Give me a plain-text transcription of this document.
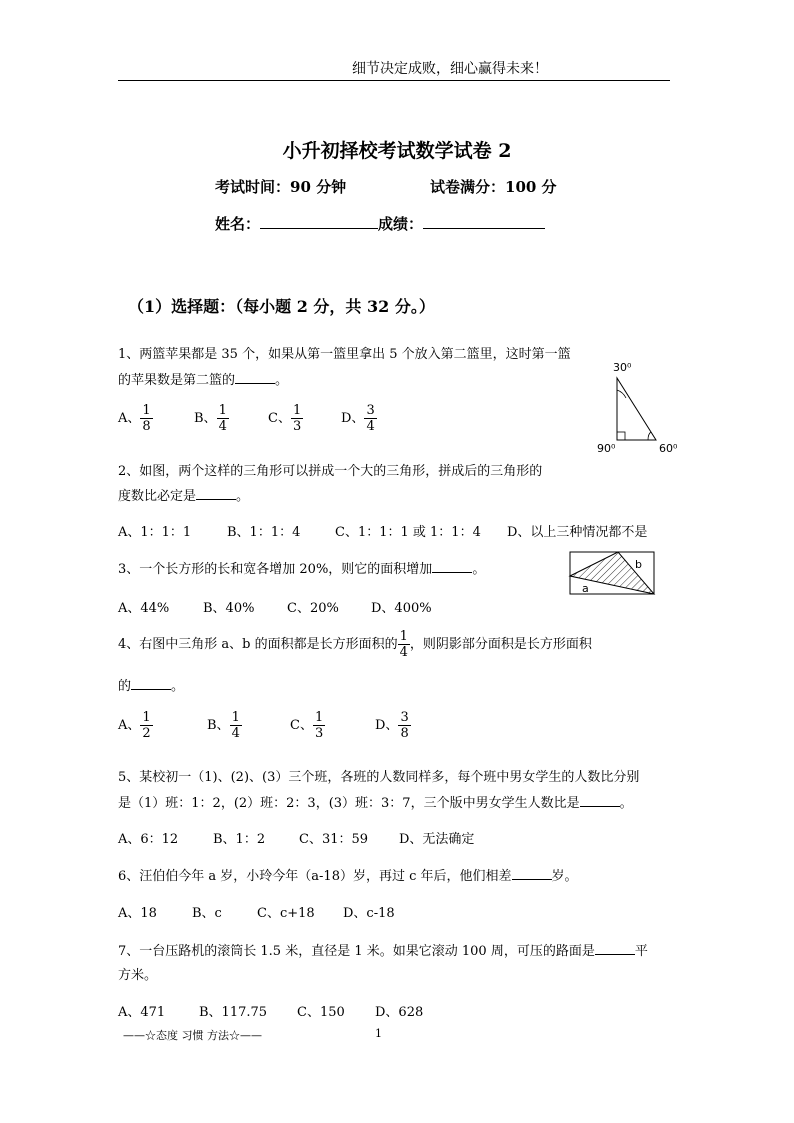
细节决定成败，细心赢得未来！
小升初择校考试数学试卷 2
考试时间：90 分钟	试卷满分：100 分
姓名：	成绩：
（1）选择题：（每小题 2 分，共 32 分。）
1、两篮苹果都是 35 个，如果从第一篮里拿出 5 个放入第二篮里，这时第一篮
的苹果数是第二篮的	。
A、 $\frac{1}{8}$	B、 $\frac{1}{4}$	C、 $\frac{1}{3}$	D、 $\frac{3}{4}$
30⁰
90⁰	60⁰
2、如图，两个这样的三角形可以拼成一个大的三角形，拼成后的三角形的
度数比必定是	。
A、1：1：1	B、1：1：4	C、1：1：1 或 1：1：4 D、以上三种情况都不是
3、一个长方形的长和宽各增加 20%，则它的面积增加	。
a
b
A、44%	B、40%	C、20% D、400%
4、右图中三角形 a、b 的面积都是长方形面积的 $\frac{1}{4}$ ，则阴影部分面积是长方形面积
的	。
A、 $\frac{1}{2}$	B、 $\frac{1}{4}$	C、 $\frac{1}{3}$	D、 $\frac{3}{8}$
5、某校初一（1)、(2)、(3）三个班，各班的人数同样多，每个班中男女学生的人数比分别
是（1）班：1：2，(2）班：2：3，(3）班：3：7，三个版中男女学生人数比是	。
A、6：12	B、1：2	C、31：59 D、无法确定
6、汪伯伯今年 a 岁，小玲今年（a-18）岁，再过 c 年后，他们相差	岁。
A、18	B、c	C、c+18 D、c-18
7、一台压路机的滚筒长 1.5 米，直径是 1 米。如果它滚动 100 周，可压的路面是	平
方米。
A、471	B、117.75 C、150 D、628
——☆态度 习惯 方法☆——	1
